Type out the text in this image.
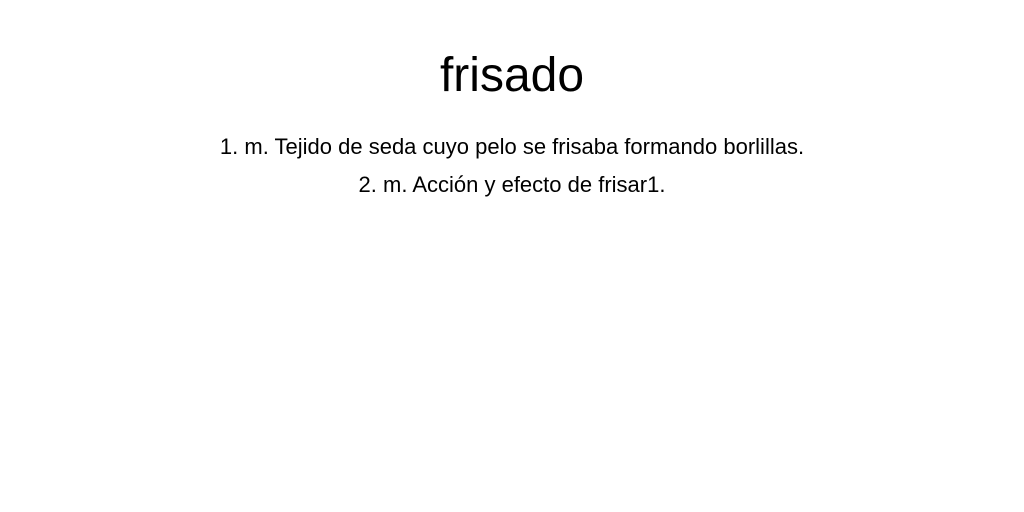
frisado
1. m. Tejido de seda cuyo pelo se frisaba formando borlillas.
2. m. Acción y efecto de frisar1.
